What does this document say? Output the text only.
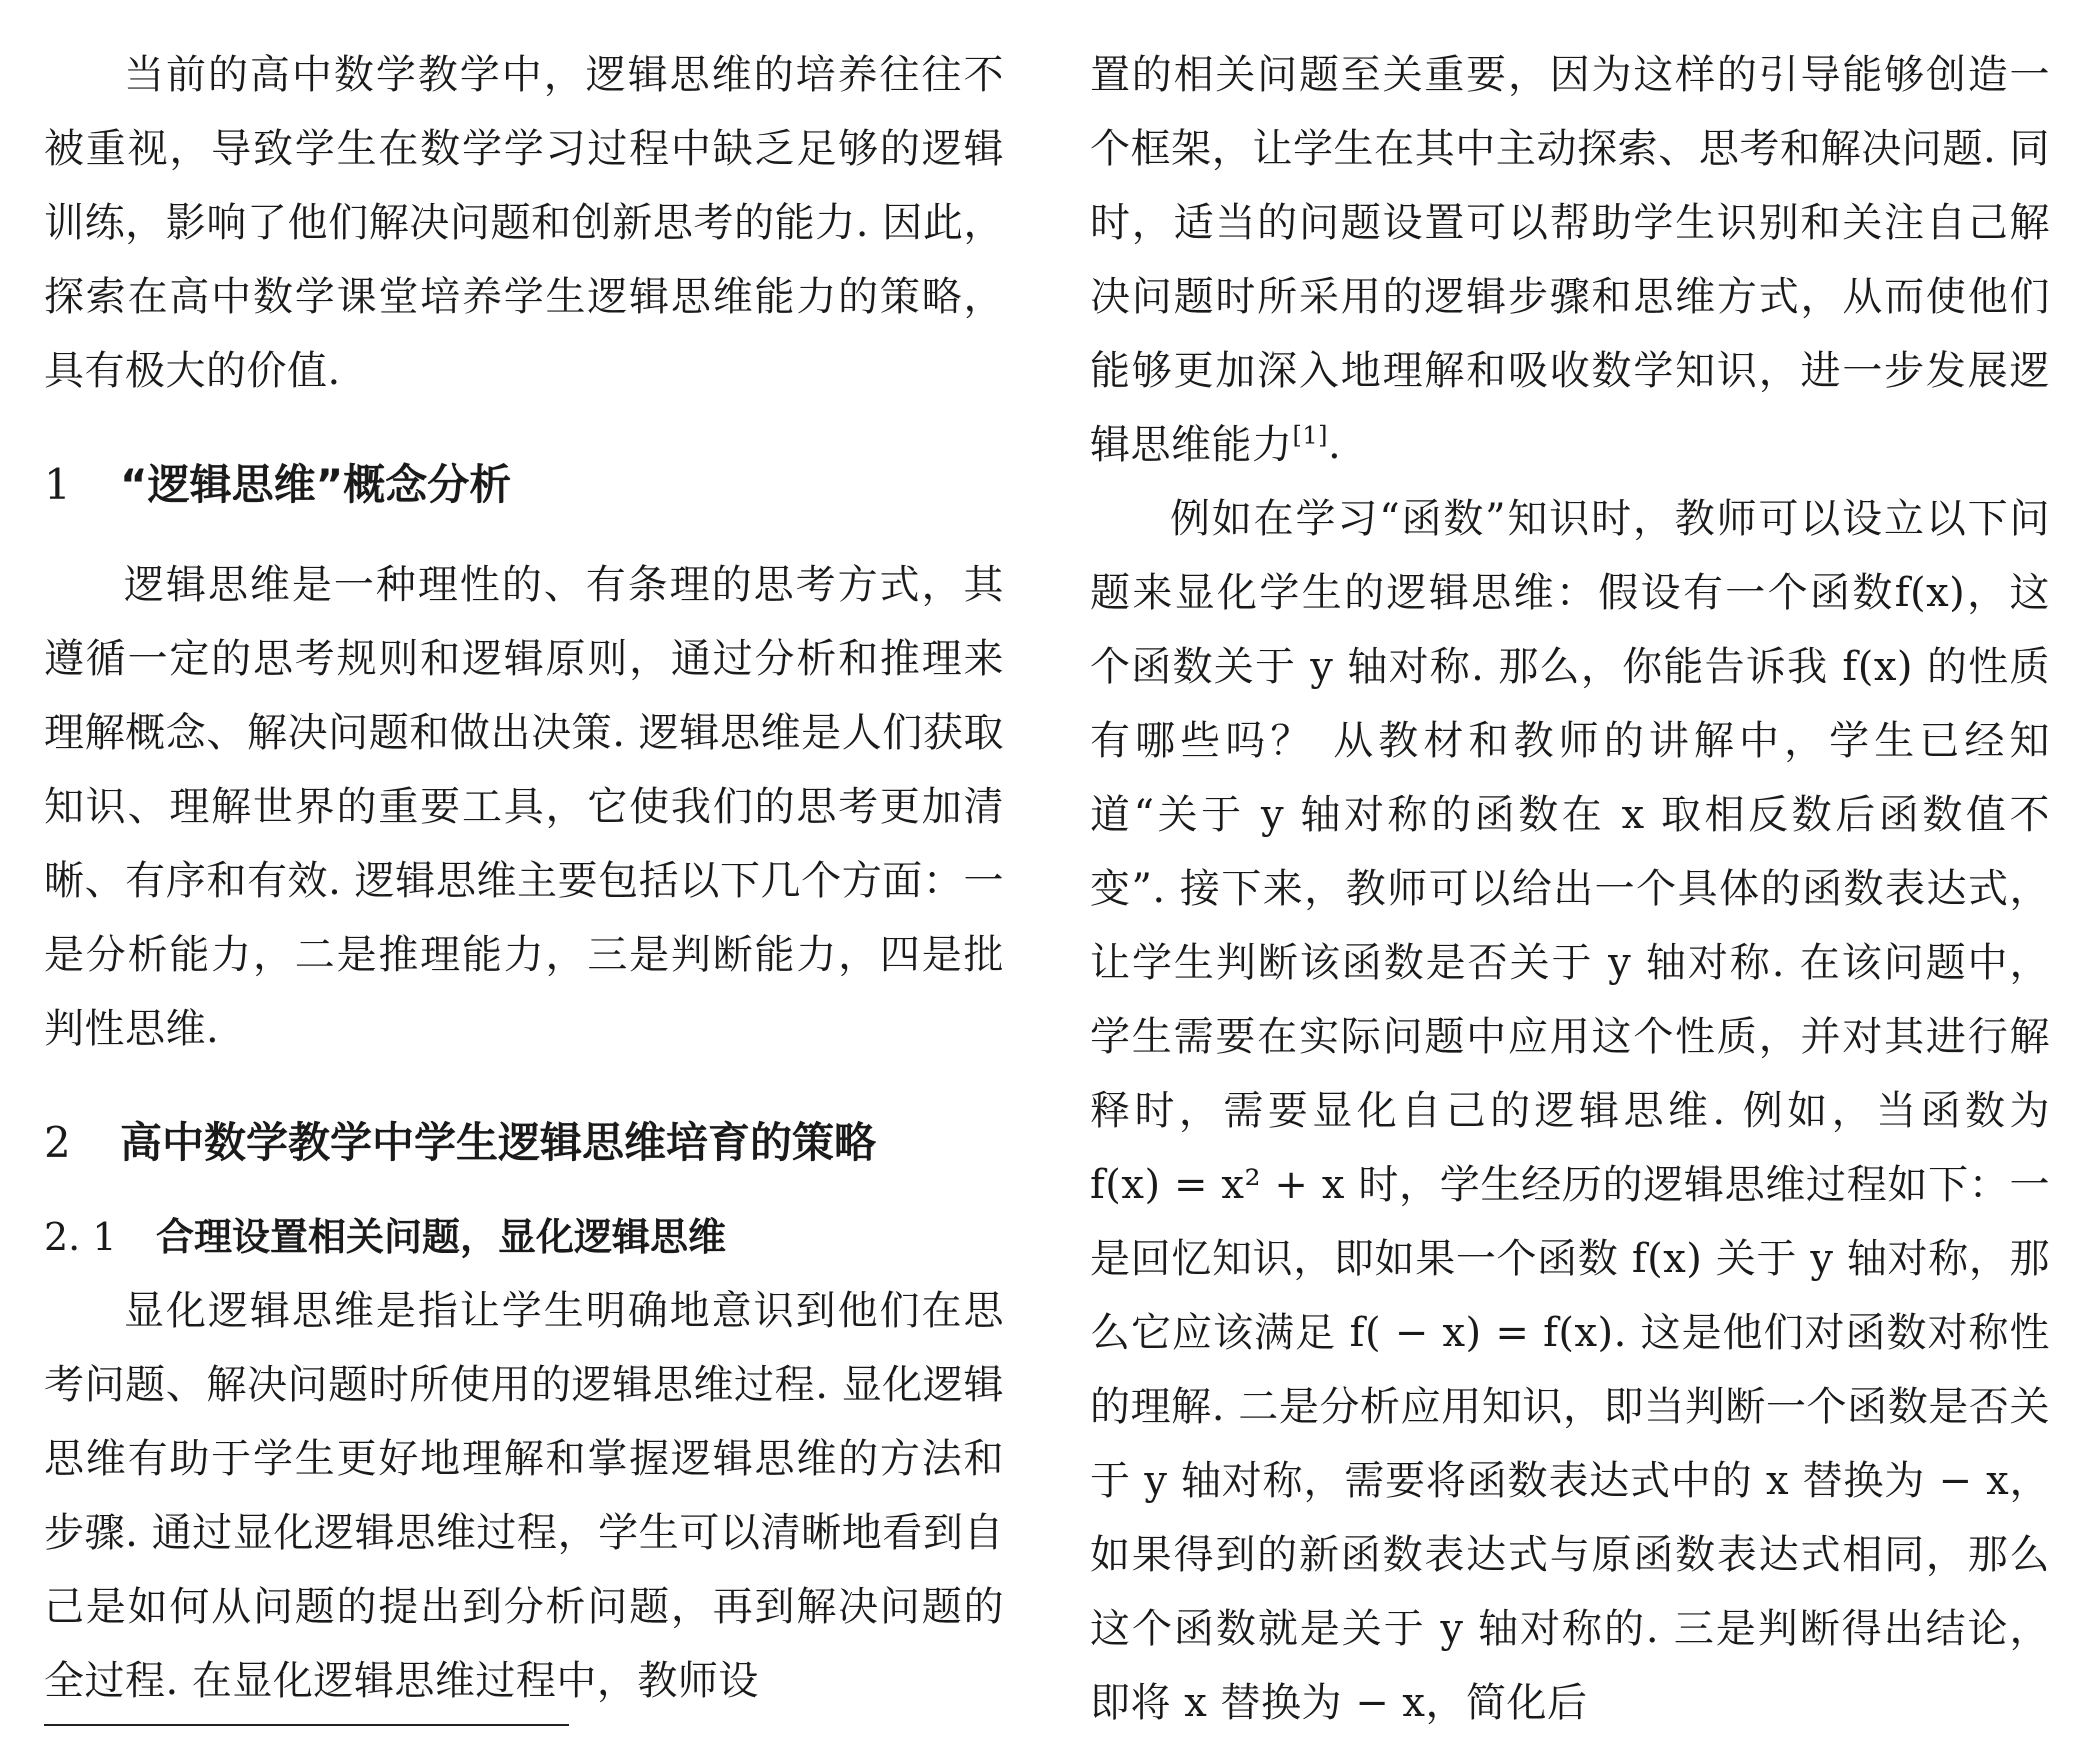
当前的高中数学教学中，逻辑思维的培养往往不被重视，导致学生在数学学习过程中缺乏足够的逻辑训练，影响了他们解决问题和创新思考的能力. 因此，探索在高中数学课堂培养学生逻辑思维能力的策略，具有极大的价值.

1 “逻辑思维”概念分析

逻辑思维是一种理性的、有条理的思考方式，其遵循一定的思考规则和逻辑原则，通过分析和推理来理解概念、解决问题和做出决策. 逻辑思维是人们获取知识、理解世界的重要工具，它使我们的思考更加清晰、有序和有效. 逻辑思维主要包括以下几个方面：一是分析能力，二是推理能力，三是判断能力，四是批判性思维.

2 高中数学教学中学生逻辑思维培育的策略
2. 1 合理设置相关问题，显化逻辑思维

显化逻辑思维是指让学生明确地意识到他们在思考问题、解决问题时所使用的逻辑思维过程. 显化逻辑思维有助于学生更好地理解和掌握逻辑思维的方法和步骤. 通过显化逻辑思维过程，学生可以清晰地看到自己是如何从问题的提出到分析问题，再到解决问题的全过程. 在显化逻辑思维过程中，教师设

置的相关问题至关重要，因为这样的引导能够创造一个框架，让学生在其中主动探索、思考和解决问题. 同时，适当的问题设置可以帮助学生识别和关注自己解决问题时所采用的逻辑步骤和思维方式，从而使他们能够更加深入地理解和吸收数学知识，进一步发展逻辑思维能力[1].

例如在学习“函数”知识时，教师可以设立以下问题来显化学生的逻辑思维：假设有一个函数f(x)，这个函数关于 y 轴对称. 那么，你能告诉我 f(x) 的性质有哪些吗？ 从教材和教师的讲解中，学生已经知道“关于 y 轴对称的函数在 x 取相反数后函数值不变”. 接下来，教师可以给出一个具体的函数表达式，让学生判断该函数是否关于 y 轴对称. 在该问题中，学生需要在实际问题中应用这个性质，并对其进行解释时，需要显化自己的逻辑思维. 例如，当函数为 f(x) = x² + x 时，学生经历的逻辑思维过程如下：一是回忆知识，即如果一个函数 f(x) 关于 y 轴对称，那么它应该满足 f( − x) = f(x). 这是他们对函数对称性的理解. 二是分析应用知识，即当判断一个函数是否关于 y 轴对称，需要将函数表达式中的 x 替换为 − x，如果得到的新函数表达式与原函数表达式相同，那么这个函数就是关于 y 轴对称的. 三是判断得出结论，即将 x 替换为 − x，简化后
